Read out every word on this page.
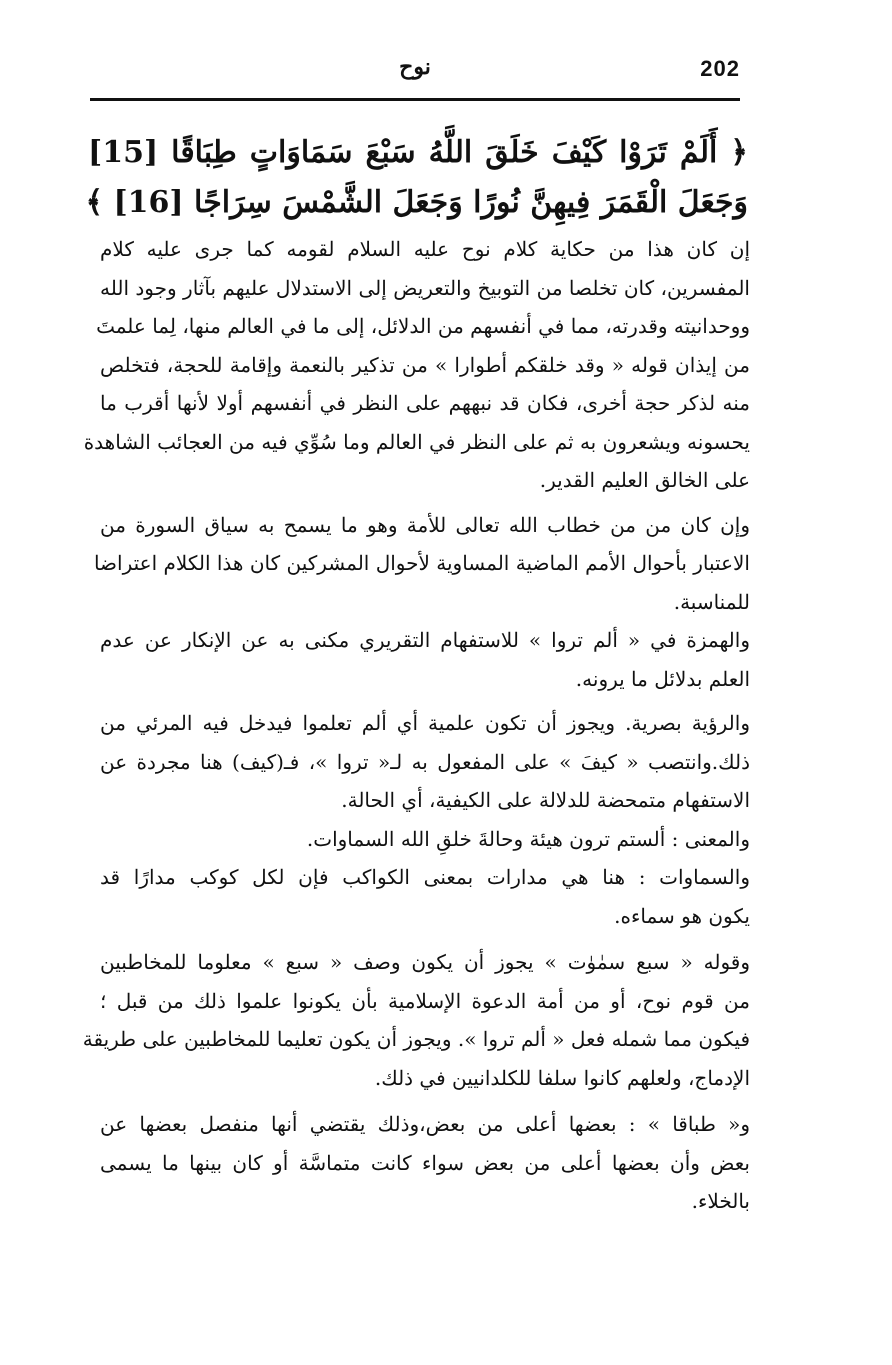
202
نوح
﴿ أَلَمْ تَرَوْا كَيْفَ خَلَقَ اللَّهُ سَبْعَ سَمَاوَاتٍ طِبَاقًا [15]
وَجَعَلَ الْقَمَرَ فِيهِنَّ نُورًا وَجَعَلَ الشَّمْسَ سِرَاجًا [16] ﴾

إن كان هذا من حكاية كلام نوح عليه السلام لقومه كما جرى عليه كلام
المفسرين، كان تخلصا من التوبيخ والتعريض إلى الاستدلال عليهم بآثار وجود الله
ووحدانيته وقدرته، مما في أنفسهم من الدلائل، إلى ما في العالم منها، لِما علمتَ
من إيذان قوله « وقد خلقكم أطوارا » من تذكير بالنعمة وإقامة للحجة، فتخلص
منه لذكر حجة أخرى، فكان قد نبههم على النظر في أنفسهم أولا لأنها أقرب ما
يحسونه ويشعرون به ثم على النظر في العالم وما سُوِّي فيه من العجائب الشاهدة
على الخالق العليم القدير.

وإن كان من من خطاب الله تعالى للأمة وهو ما يسمح به سياق السورة من
الاعتبار بأحوال الأمم الماضية المساوية لأحوال المشركين كان هذا الكلام اعتراضا
للمناسبة.

والهمزة في « ألم تروا » للاستفهام التقريري مكنى به عن الإنكار عن عدم
العلم بدلائل ما يرونه.

والرؤية بصرية. ويجوز أن تكون علمية أي ألم تعلموا فيدخل فيه المرئي من
ذلك.وانتصب « كيفَ » على المفعول به لـ« تروا »، فـ(كيف) هنا مجردة عن
الاستفهام متمحضة للدلالة على الكيفية، أي الحالة.

والمعنى : ألستم ترون هيئة وحالةَ خلقِ الله السماوات.

والسماوات : هنا هي مدارات بمعنى الكواكب فإن لكل كوكب مدارًا قد
يكون هو سماءه.

وقوله « سبع سمٰوٰت » يجوز أن يكون وصف « سبع » معلوما للمخاطبين
من قوم نوح، أو من أمة الدعوة الإسلامية بأن يكونوا علموا ذلك من قبل ؛
فيكون مما شمله فعل « ألم تروا ». ويجوز أن يكون تعليما للمخاطبين على طريقة
الإدماج، ولعلهم كانوا سلفا للكلدانيين في ذلك.

و« طباقا » : بعضها أعلى من بعض،وذلك يقتضي أنها منفصل بعضها عن
بعض وأن بعضها أعلى من بعض سواء كانت متماسَّة أو كان بينها ما يسمى
بالخلاء.
